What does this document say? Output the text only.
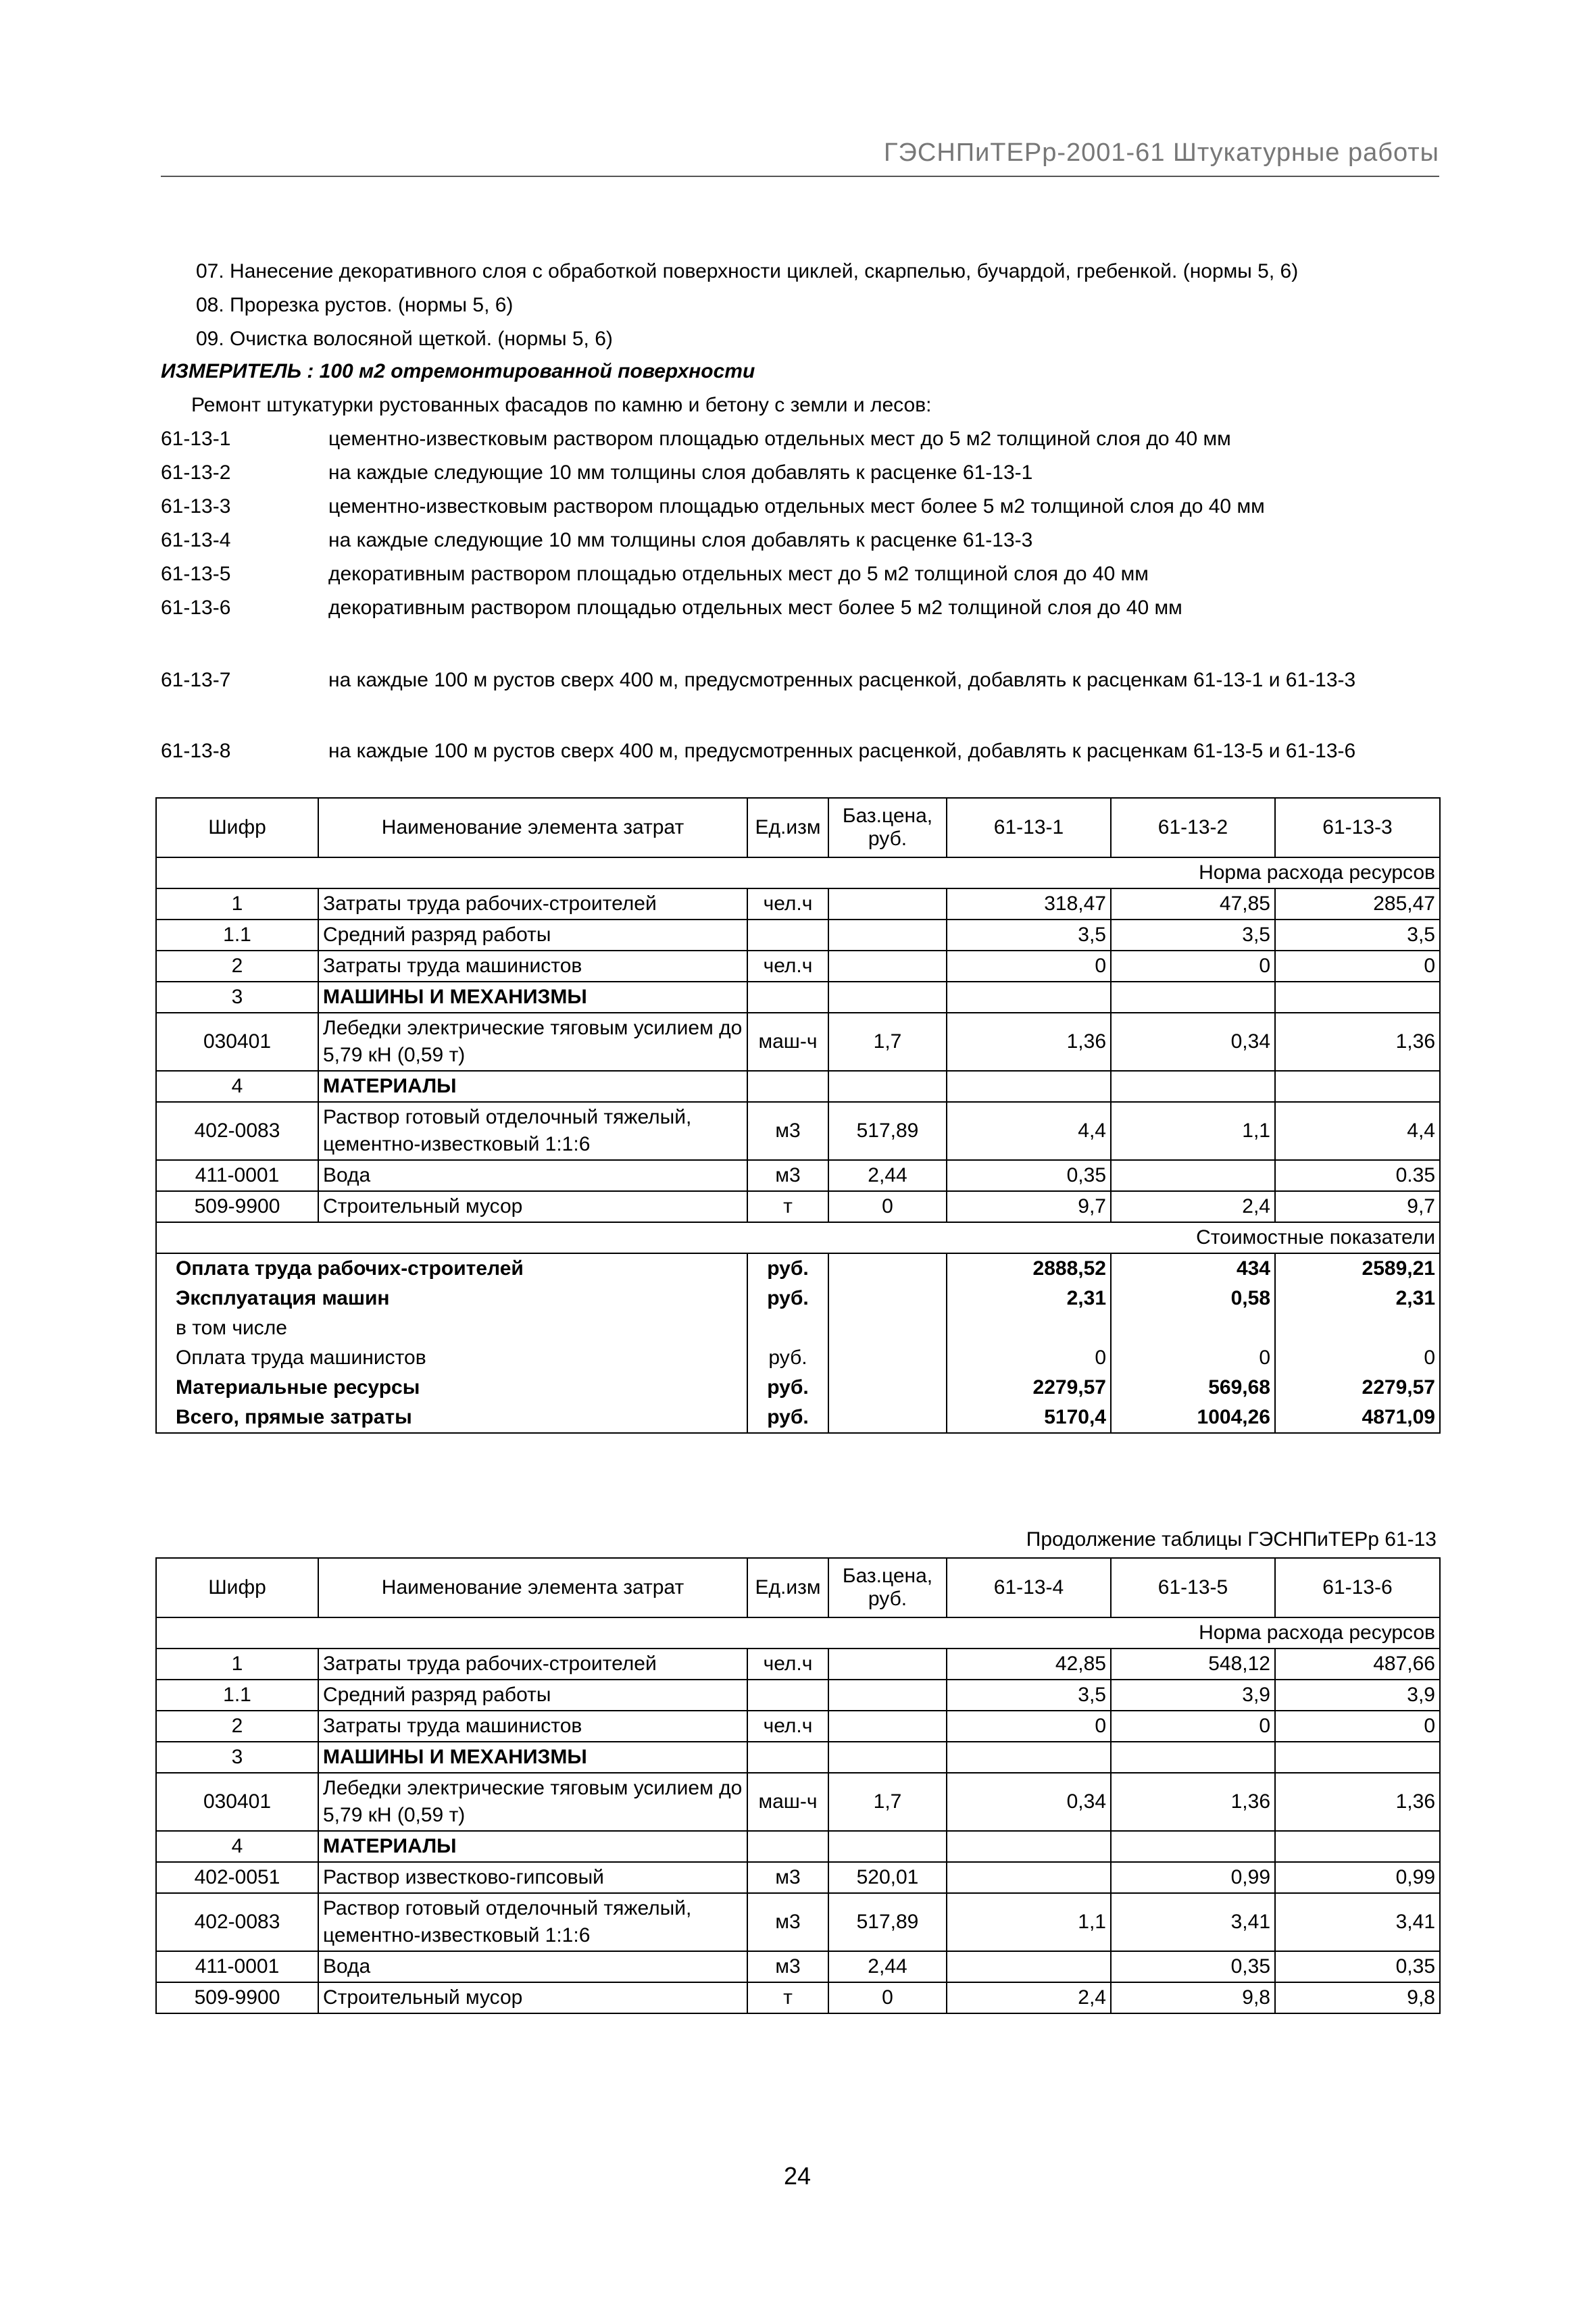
ГЭСНПиТЕРр-2001-61 Штукатурные работы
07. Нанесение декоративного слоя с обработкой поверхности циклей, скарпелью, бучардой, гребенкой. (нормы 5, 6)
08. Прорезка рустов. (нормы 5, 6)
09. Очистка волосяной щеткой. (нормы 5, 6)
ИЗМЕРИТЕЛЬ : 100 м2 отремонтированной поверхности
Ремонт штукатурки рустованных фасадов по камню и бетону с земли и лесов:
61-13-1	цементно-известковым раствором площадью отдельных мест до 5 м2 толщиной слоя до 40 мм
61-13-2	на каждые следующие 10 мм толщины слоя добавлять к расценке 61-13-1
61-13-3	цементно-известковым раствором площадью отдельных мест более 5 м2 толщиной слоя до 40 мм
61-13-4	на каждые следующие 10 мм толщины слоя добавлять к расценке 61-13-3
61-13-5	декоративным раствором площадью отдельных мест до 5 м2 толщиной слоя до 40 мм
61-13-6	декоративным раствором площадью отдельных мест более 5 м2 толщиной слоя до 40 мм
61-13-7	на каждые 100 м рустов сверх 400 м, предусмотренных расценкой, добавлять к расценкам 61-13-1 и 61-13-3
61-13-8	на каждые 100 м рустов сверх 400 м, предусмотренных расценкой, добавлять к расценкам 61-13-5 и 61-13-6
Шифр	Наименование элемента затрат	Ед.изм	Баз.цена, руб.	61-13-1	61-13-2	61-13-3
Норма расхода ресурсов						
1	Затраты труда рабочих-строителей	чел.ч		318,47	47,85	285,47
1.1	Средний разряд работы			3,5	3,5	3,5
2	Затраты труда машинистов	чел.ч		0	0	0
3	МАШИНЫ И МЕХАНИЗМЫ					
030401	Лебедки электрические тяговым усилием до 5,79 кН (0,59 т)	маш-ч	1,7	1,36	0,34	1,36
4	МАТЕРИАЛЫ					
402-0083	Раствор готовый отделочный тяжелый, цементно-известковый 1:1:6	м3	517,89	4,4	1,1	4,4
411-0001	Вода	м3	2,44	0,35		0.35
509-9900	Строительный мусор	т	0	9,7	2,4	9,7
Стоимостные показатели						
Оплата труда рабочих-строителей		руб.		2888,52	434	2589,21
Эксплуатация машин		руб.		2,31	0,58	2,31
в том числе						
Оплата труда машинистов		руб.		0	0	0
Материальные ресурсы		руб.		2279,57	569,68	2279,57
Всего, прямые затраты		руб.		5170,4	1004,26	4871,09
Продолжение таблицы ГЭСНПиТЕРр 61-13
Шифр	Наименование элемента затрат	Ед.изм	Баз.цена, руб.	61-13-4	61-13-5	61-13-6
Норма расхода ресурсов						
1	Затраты труда рабочих-строителей	чел.ч		42,85	548,12	487,66
1.1	Средний разряд работы			3,5	3,9	3,9
2	Затраты труда машинистов	чел.ч		0	0	0
3	МАШИНЫ И МЕХАНИЗМЫ					
030401	Лебедки электрические тяговым усилием до 5,79 кН (0,59 т)	маш-ч	1,7	0,34	1,36	1,36
4	МАТЕРИАЛЫ					
402-0051	Раствор известково-гипсовый	м3	520,01		0,99	0,99
402-0083	Раствор готовый отделочный тяжелый, цементно-известковый 1:1:6	м3	517,89	1,1	3,41	3,41
411-0001	Вода	м3	2,44		0,35	0,35
509-9900	Строительный мусор	т	0	2,4	9,8	9,8
24
